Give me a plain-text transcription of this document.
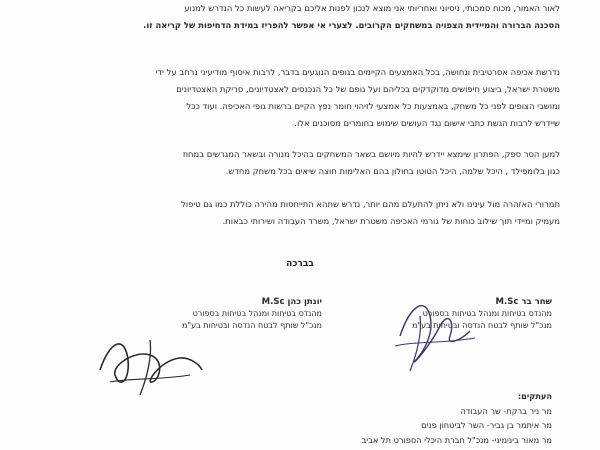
לאור האמור, מכוח סמכותי, ניסיוני ואחריותי אני מוצא לנכון לפנות אליכם בקריאה לעשות כל הנדרש למנוע
הסכנה הברורה והמיידית הצפויה במשחקים הקרובים. לצערי אי אפשר להפריז במידת הדחיפות של קריאה זו.
נדרשת אכיפה אסרטיבית ונחושה, בכל האמצעים הקיימים בגופים הנוגעים בדבר, לרבות איסוף מודיעיני נרחב על ידי
משטרת ישראל, ביצוע חיפושים מדוקדקים בכליהם ועל גופם של כל הנכנסים לאצטדיונים, סריקת האצטדיונים
ומושבי הצופים לפני כל משחק, באמצעות כל אמצעי לזיהוי חומר נפץ הקיים ברשות גופי האכיפה. ועוד ככל
שיידרש לרבות הגשת כתבי אישום נגד העושים שימוש בחומרים מסוכנים אלו.
למען הסר ספק, הפתרון שימצא יידרש להיות מיושם בשאר המשחקים בהיכל מנורה ובשאר המגרשים במחוז
כגון בלומפילד , היכל שלמה, היכל הטוטו בחולון בהם האלימות חוצה שיאים בכל משחק מחדש.
תמרורי האזהרה מול עינינו ולא ניתן להתעלם מהם יותר, נדרש שתהא התייחסות מהירה כוללת כמו גם טיפול
מעמיק ומיידי תוך שילוב כוחות של גורמי האכיפה משטרת ישראל, משרד העבודה ושירותי כבאות.
בברכה
שחר בר M.Sc
מהנדס בטיחות ומנהל בטיחות בספורט
מנכ"ל שותף לבטח הנדסה ובטיחות בע"מ
יונתן כהן M.Sc
מהנדס בטיחות ומנהל בטיחות בספורט
מנכ"ל שותף לבטח הנדסה ובטיחות בע"מ
העתקים:
מר ניר ברקת- שר העבודה
מר איתמר בן גביר- השר לביטחון פנים
מר מאור בינימיני- מנכ"ל חברת היכלי הספורט תל אביב
